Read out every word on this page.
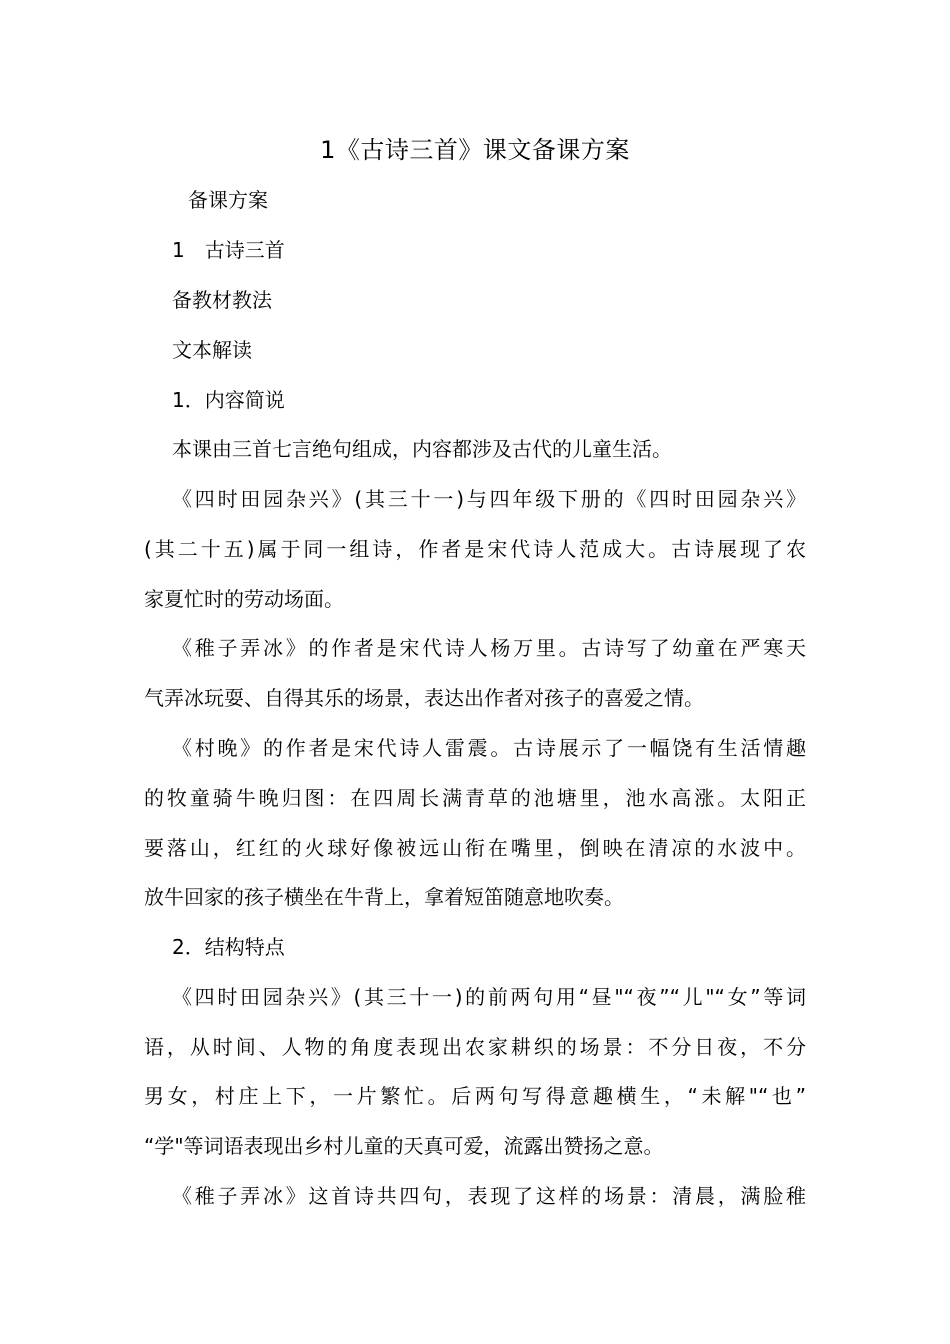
1《古诗三首》课文备课方案
备课方案
1　古诗三首
备教材教法
文本解读
1．内容简说
本课由三首七言绝句组成，内容都涉及古代的儿童生活。
《四时田园杂兴》(其三十一)与四年级下册的《四时田园杂兴》
(其二十五)属于同一组诗，作者是宋代诗人范成大。古诗展现了农
家夏忙时的劳动场面。
《稚子弄冰》的作者是宋代诗人杨万里。古诗写了幼童在严寒天
气弄冰玩耍、自得其乐的场景，表达出作者对孩子的喜爱之情。
《村晚》的作者是宋代诗人雷震。古诗展示了一幅饶有生活情趣
的牧童骑牛晚归图：在四周长满青草的池塘里，池水高涨。太阳正
要落山，红红的火球好像被远山衔在嘴里，倒映在清凉的水波中。
放牛回家的孩子横坐在牛背上，拿着短笛随意地吹奏。
2．结构特点
《四时田园杂兴》(其三十一)的前两句用“昼"“夜”“儿"“女”等词
语，从时间、人物的角度表现出农家耕织的场景：不分日夜，不分
男女，村庄上下，一片繁忙。后两句写得意趣横生，“未解"“也”
“学"等词语表现出乡村儿童的天真可爱，流露出赞扬之意。
《稚子弄冰》这首诗共四句，表现了这样的场景：清晨，满脸稚
